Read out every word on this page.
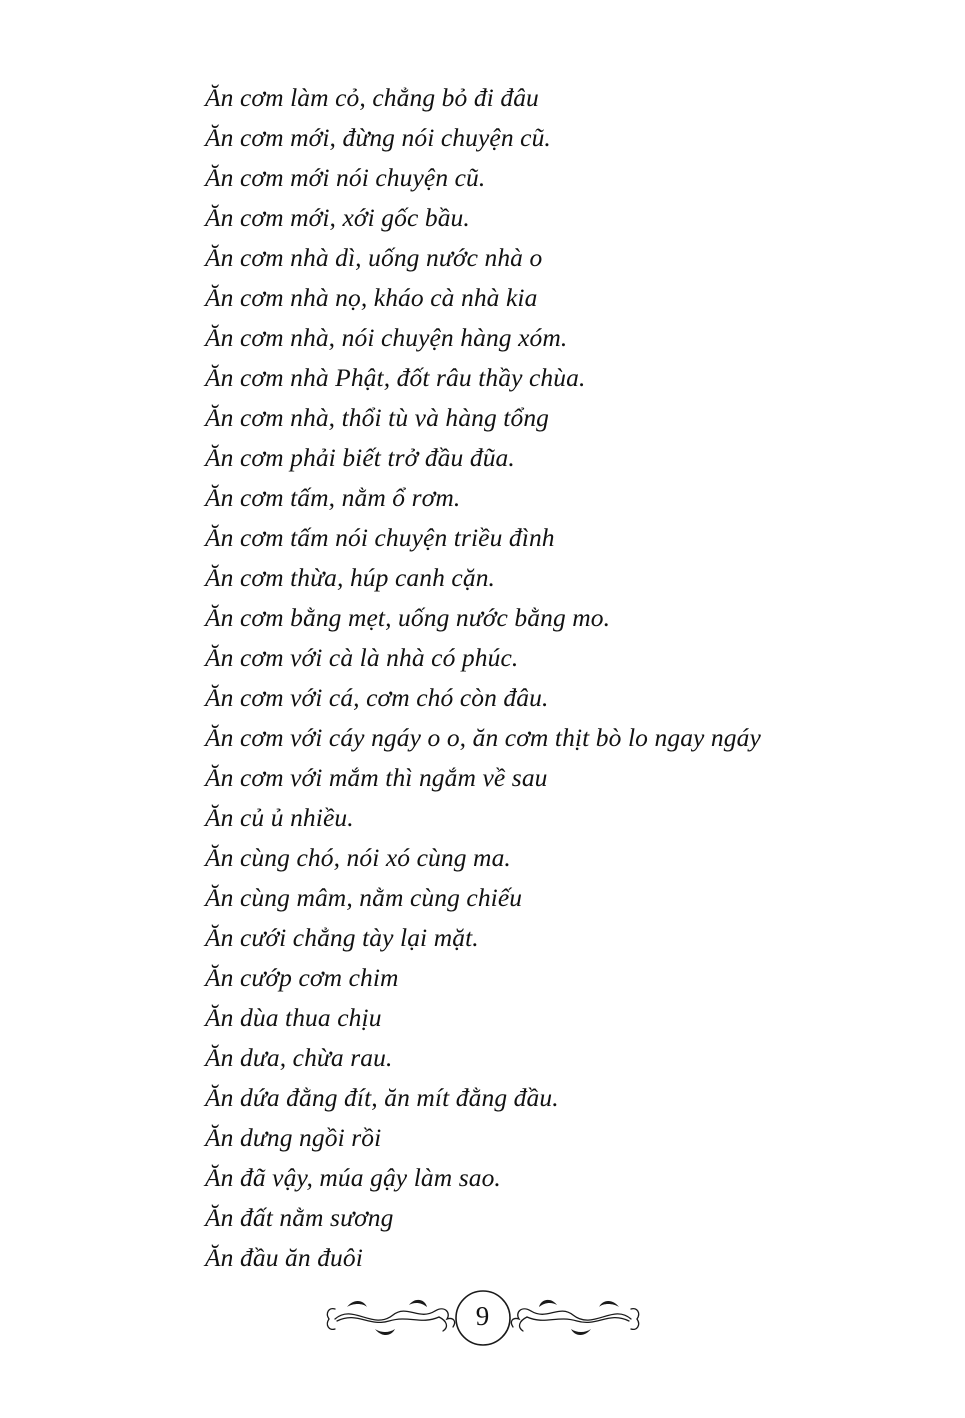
Ăn cơm làm cỏ, chẳng bỏ đi đâu
Ăn cơm mới, đừng nói chuyện cũ.
Ăn cơm mới nói chuyện cũ.
Ăn cơm mới, xới gốc bầu.
Ăn cơm nhà dì, uống nước nhà o
Ăn cơm nhà nọ, kháo cà nhà kia
Ăn cơm nhà, nói chuyện hàng xóm.
Ăn cơm nhà Phật, đốt râu thầy chùa.
Ăn cơm nhà, thổi tù và hàng tổng
Ăn cơm phải biết trở đầu đũa.
Ăn cơm tấm, nằm ổ rơm.
Ăn cơm tấm nói chuyện triều đình
Ăn cơm thừa, húp canh cặn.
Ăn cơm bằng mẹt, uống nước bằng mo.
Ăn cơm với cà là nhà có phúc.
Ăn cơm với cá, cơm chó còn đâu.
Ăn cơm với cáy ngáy o o, ăn cơm thịt bò lo ngay ngáy
Ăn cơm với mắm thì ngắm về sau
Ăn củ ủ nhiều.
Ăn cùng chó, nói xó cùng ma.
Ăn cùng mâm, nằm cùng chiếu
Ăn cưới chẳng tày lại mặt.
Ăn cướp cơm chim
Ăn dùa thua chịu
Ăn dưa, chừa rau.
Ăn dứa đằng đít, ăn mít đằng đầu.
Ăn dưng ngồi rồi
Ăn đã vậy, múa gậy làm sao.
Ăn đất nằm sương
Ăn đầu ăn đuôi
9
